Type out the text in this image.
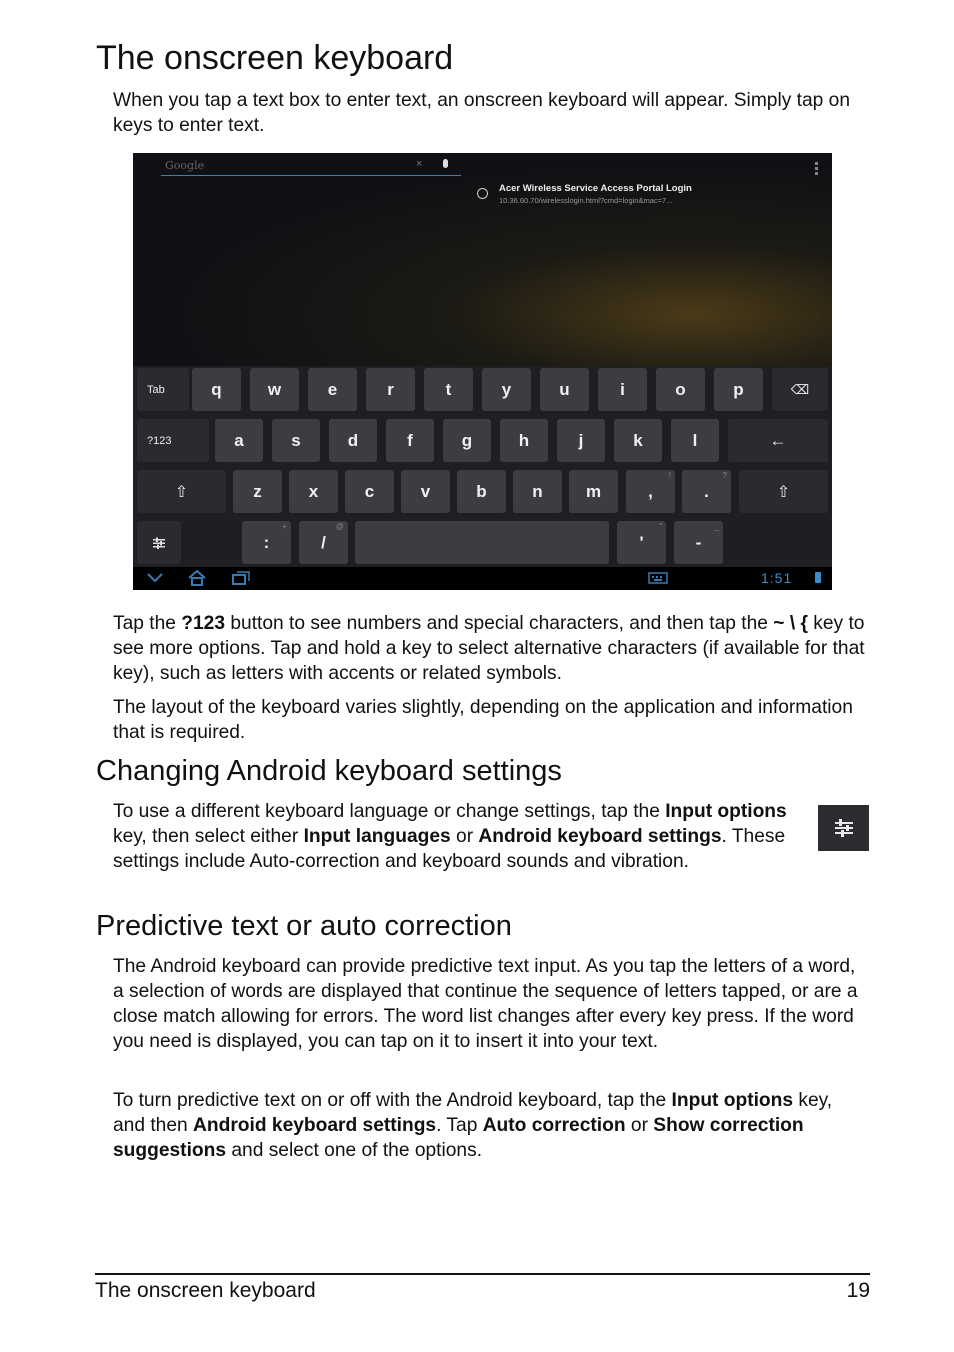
The onscreen keyboard

When you tap a text box to enter text, an onscreen keyboard will appear. Simply tap on keys to enter text.

Google	×
Acer Wireless Service Access Portal Login
10.36.60.70/wirelesslogin.html?cmd=login&mac=7...
Tab	q	w	e	r	t	y	u	i	o	p	⌫
?123	a	s	d	f	g	h	j	k	l	←
⇧	z	x	c	v	b	n	m	,
!
.
?
⇧
:
+
/
@
'
"
-
_
1:51

Tap the ?123 button to see numbers and special characters, and then tap the ~ \ { key to see more options. Tap and hold a key to select alternative characters (if available for that key), such as letters with accents or related symbols.

The layout of the keyboard varies slightly, depending on the application and information that is required.

Changing Android keyboard settings

To use a different keyboard language or change settings, tap the Input options key, then select either Input languages or Android keyboard settings. These settings include Auto-correction and keyboard sounds and vibration.

Predictive text or auto correction

The Android keyboard can provide predictive text input. As you tap the letters of a word, a selection of words are displayed that continue the sequence of letters tapped, or are a close match allowing for errors. The word list changes after every key press. If the word you need is displayed, you can tap on it to insert it into your text.

To turn predictive text on or off with the Android keyboard, tap the Input options key, and then Android keyboard settings. Tap Auto correction or Show correction suggestions and select one of the options.

The onscreen keyboard	19
